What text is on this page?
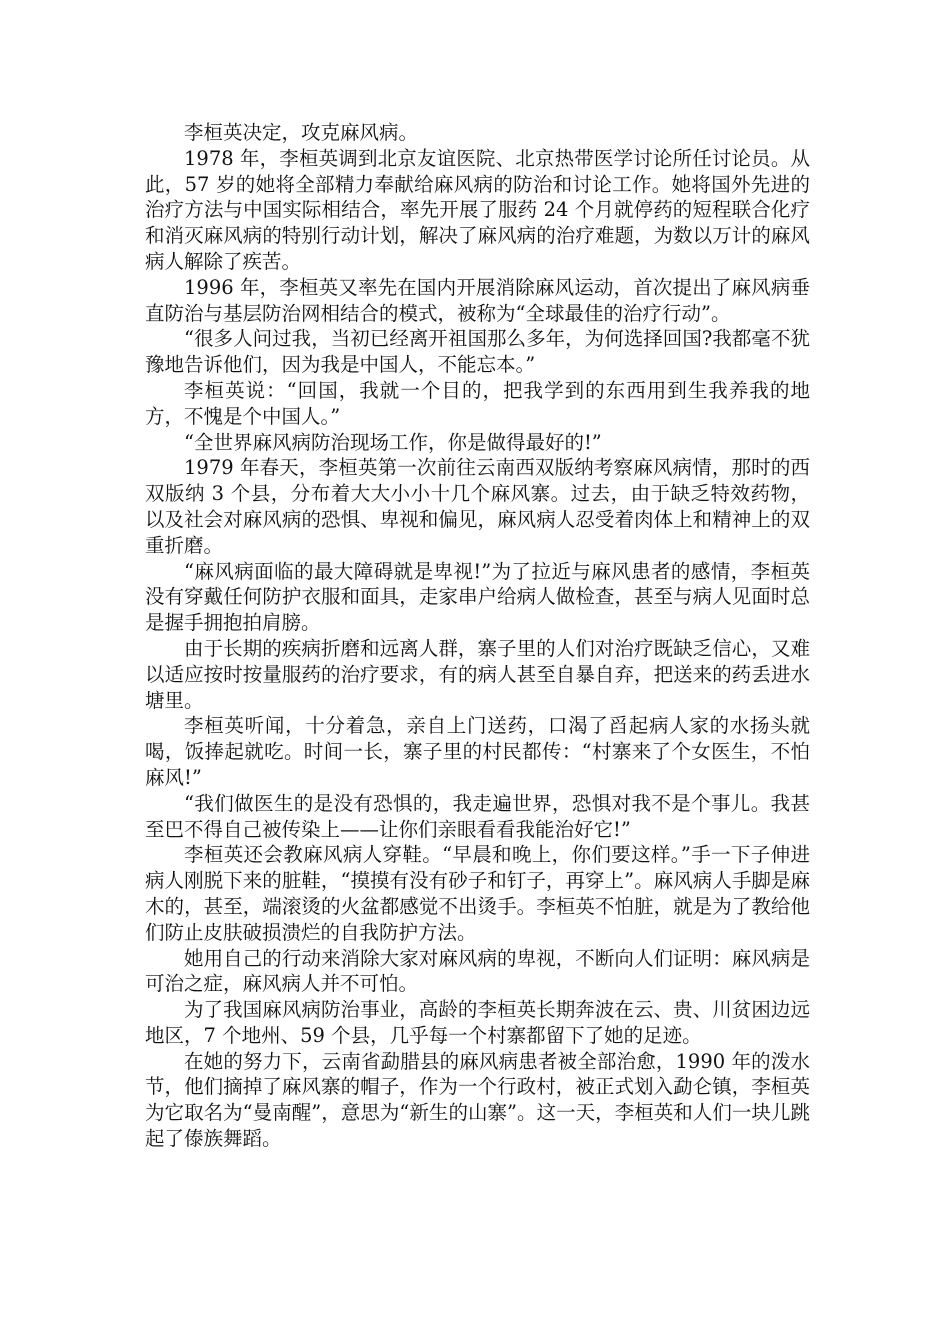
李桓英决定，攻克麻风病。

1978 年，李桓英调到北京友谊医院、北京热带医学讨论所任讨论员。从此，57 岁的她将全部精力奉献给麻风病的防治和讨论工作。她将国外先进的治疗方法与中国实际相结合，率先开展了服药 24 个月就停药的短程联合化疗和消灭麻风病的特别行动计划，解决了麻风病的治疗难题，为数以万计的麻风病人解除了疾苦。

1996 年，李桓英又率先在国内开展消除麻风运动，首次提出了麻风病垂直防治与基层防治网相结合的模式，被称为“全球最佳的治疗行动”。

“很多人问过我，当初已经离开祖国那么多年，为何选择回国?我都毫不犹豫地告诉他们，因为我是中国人，不能忘本。”

李桓英说：“回国，我就一个目的，把我学到的东西用到生我养我的地方，不愧是个中国人。”

“全世界麻风病防治现场工作，你是做得最好的!”

1979 年春天，李桓英第一次前往云南西双版纳考察麻风病情，那时的西双版纳 3 个县，分布着大大小小十几个麻风寨。过去，由于缺乏特效药物，以及社会对麻风病的恐惧、卑视和偏见，麻风病人忍受着肉体上和精神上的双重折磨。

“麻风病面临的最大障碍就是卑视!”为了拉近与麻风患者的感情，李桓英没有穿戴任何防护衣服和面具，走家串户给病人做检查，甚至与病人见面时总是握手拥抱拍肩膀。

由于长期的疾病折磨和远离人群，寨子里的人们对治疗既缺乏信心，又难以适应按时按量服药的治疗要求，有的病人甚至自暴自弃，把送来的药丢进水塘里。

李桓英听闻，十分着急，亲自上门送药，口渴了舀起病人家的水扬头就喝，饭捧起就吃。时间一长，寨子里的村民都传：“村寨来了个女医生，不怕麻风!”

“我们做医生的是没有恐惧的，我走遍世界，恐惧对我不是个事儿。我甚至巴不得自己被传染上——让你们亲眼看看我能治好它!”

李桓英还会教麻风病人穿鞋。“早晨和晚上，你们要这样。”手一下子伸进病人刚脱下来的脏鞋，“摸摸有没有砂子和钉子，再穿上”。麻风病人手脚是麻木的，甚至，端滚烫的火盆都感觉不出烫手。李桓英不怕脏，就是为了教给他们防止皮肤破损溃烂的自我防护方法。

她用自己的行动来消除大家对麻风病的卑视，不断向人们证明：麻风病是可治之症，麻风病人并不可怕。

为了我国麻风病防治事业，高龄的李桓英长期奔波在云、贵、川贫困边远地区，7 个地州、59 个县，几乎每一个村寨都留下了她的足迹。

在她的努力下，云南省勐腊县的麻风病患者被全部治愈，1990 年的泼水节，他们摘掉了麻风寨的帽子，作为一个行政村，被正式划入勐仑镇，李桓英为它取名为“曼南醒”，意思为“新生的山寨”。这一天，李桓英和人们一块儿跳起了傣族舞蹈。
